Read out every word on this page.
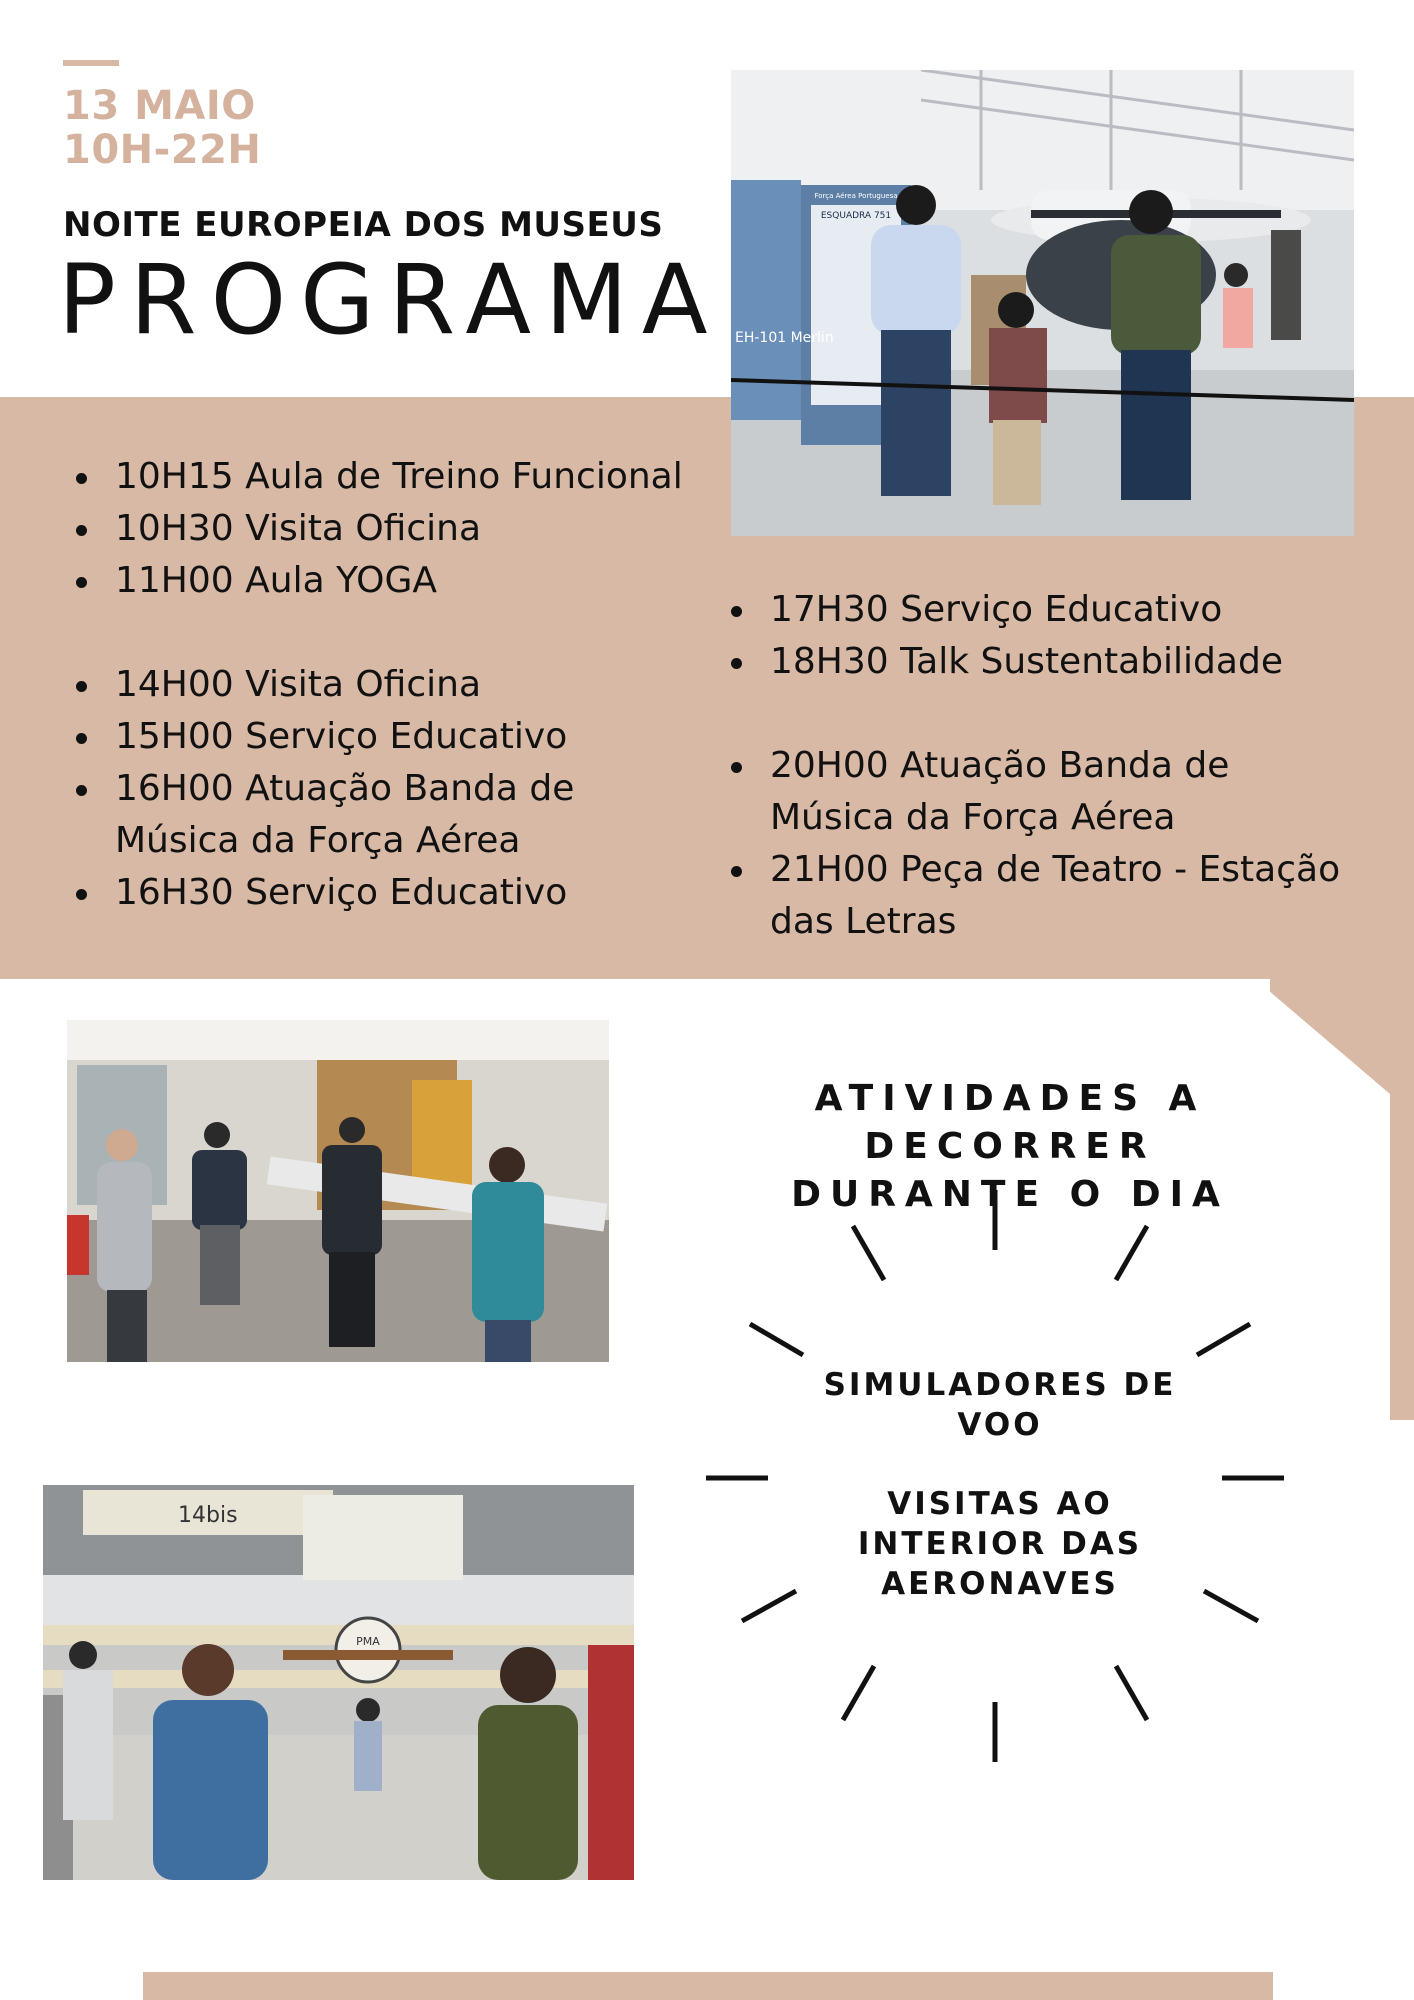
13 MAIO
10H-22H
NOITE EUROPEIA DOS MUSEUS
PROGRAMA
Força Aérea Portuguesa
ESQUADRA 751
EH-101 Merlin
10H15 Aula de Treino Funcional
10H30 Visita Oficina
11H00 Aula YOGA
14H00 Visita Oficina
15H00 Serviço Educativo
16H00 Atuação Banda de Música da Força Aérea
16H30 Serviço Educativo
17H30 Serviço Educativo
18H30 Talk Sustentabilidade
20H00 Atuação Banda de Música da Força Aérea
21H00 Peça de Teatro - Estação das Letras
14bis
PMA
ATIVIDADES A DECORRER
DURANTE O DIA
SIMULADORES DE
VOO
VISITAS AO
INTERIOR DAS
AERONAVES
